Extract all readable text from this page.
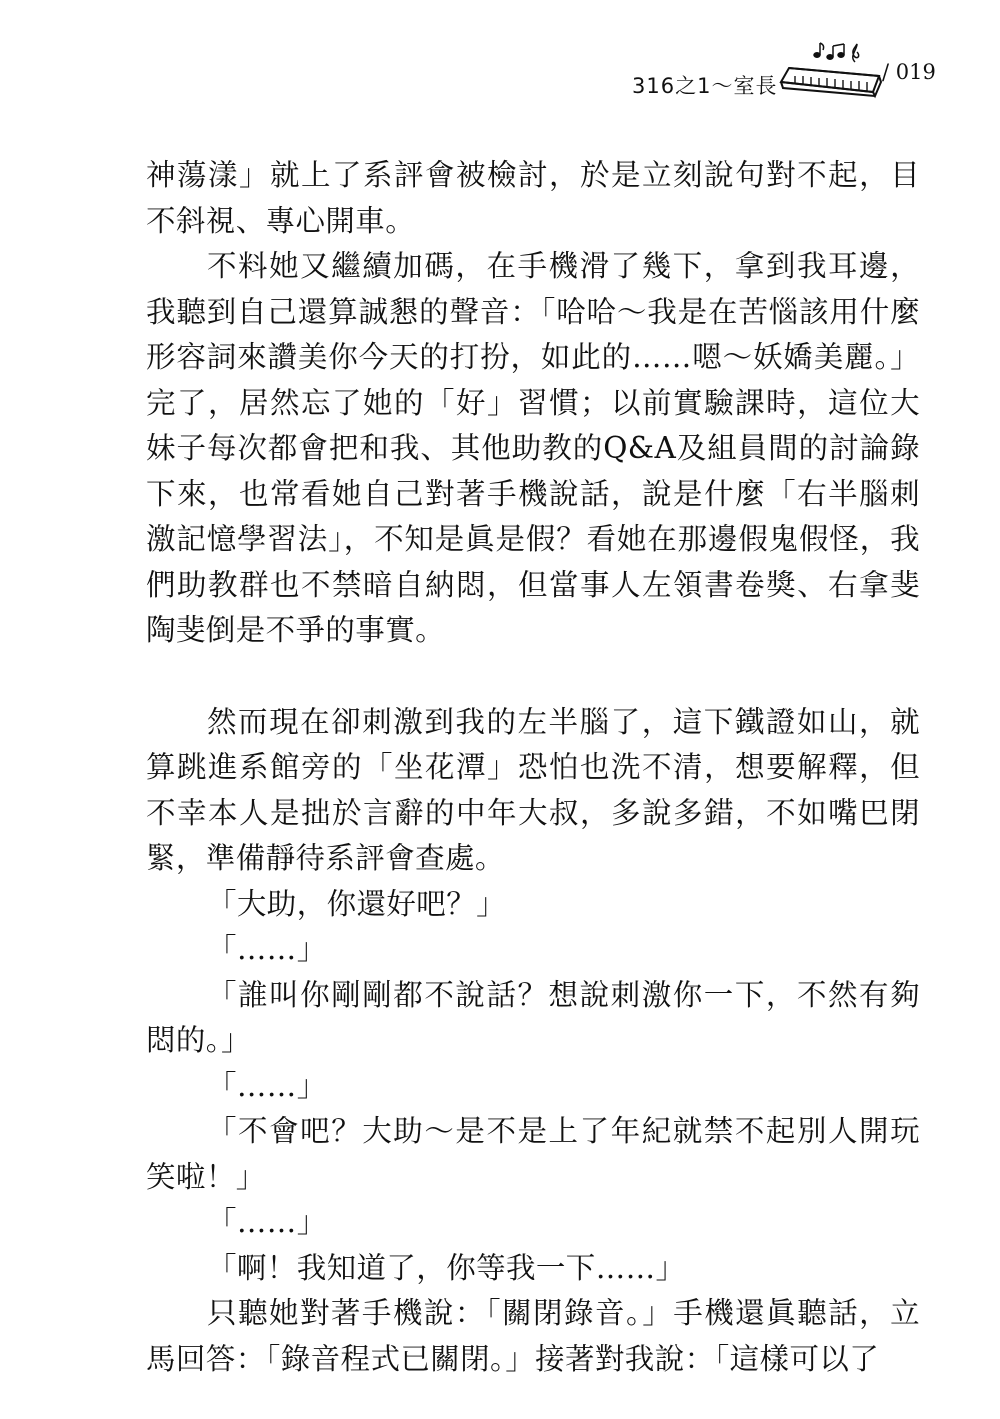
316之1～室長
/ 019

神蕩漾」就上了系評會被檢討，於是立刻說句對不起，目不斜視、專心開車。

不料她又繼續加碼，在手機滑了幾下，拿到我耳邊，我聽到自己還算誠懇的聲音：「哈哈～我是在苦惱該用什麼形容詞來讚美你今天的打扮，如此的……嗯～妖嬌美麗。」完了，居然忘了她的「好」習慣；以前實驗課時，這位大妹子每次都會把和我、其他助教的Q&A及組員間的討論錄下來，也常看她自己對著手機說話，說是什麼「右半腦刺激記憶學習法」，不知是眞是假？看她在那邊假鬼假怪，我們助教群也不禁暗自納悶，但當事人左領書卷獎、右拿斐陶斐倒是不爭的事實。

然而現在卻刺激到我的左半腦了，這下鐵證如山，就算跳進系館旁的「坐花潭」恐怕也洗不清，想要解釋，但不幸本人是拙於言辭的中年大叔，多說多錯，不如嘴巴閉緊，準備靜待系評會查處。

「大助，你還好吧？」

「……」

「誰叫你剛剛都不說話？想說刺激你一下，不然有夠悶的。」

「……」

「不會吧？大助～是不是上了年紀就禁不起別人開玩笑啦！」

「……」

「啊！我知道了，你等我一下……」

只聽她對著手機說：「關閉錄音。」手機還眞聽話，立馬回答：「錄音程式已關閉。」接著對我說：「這樣可以了
